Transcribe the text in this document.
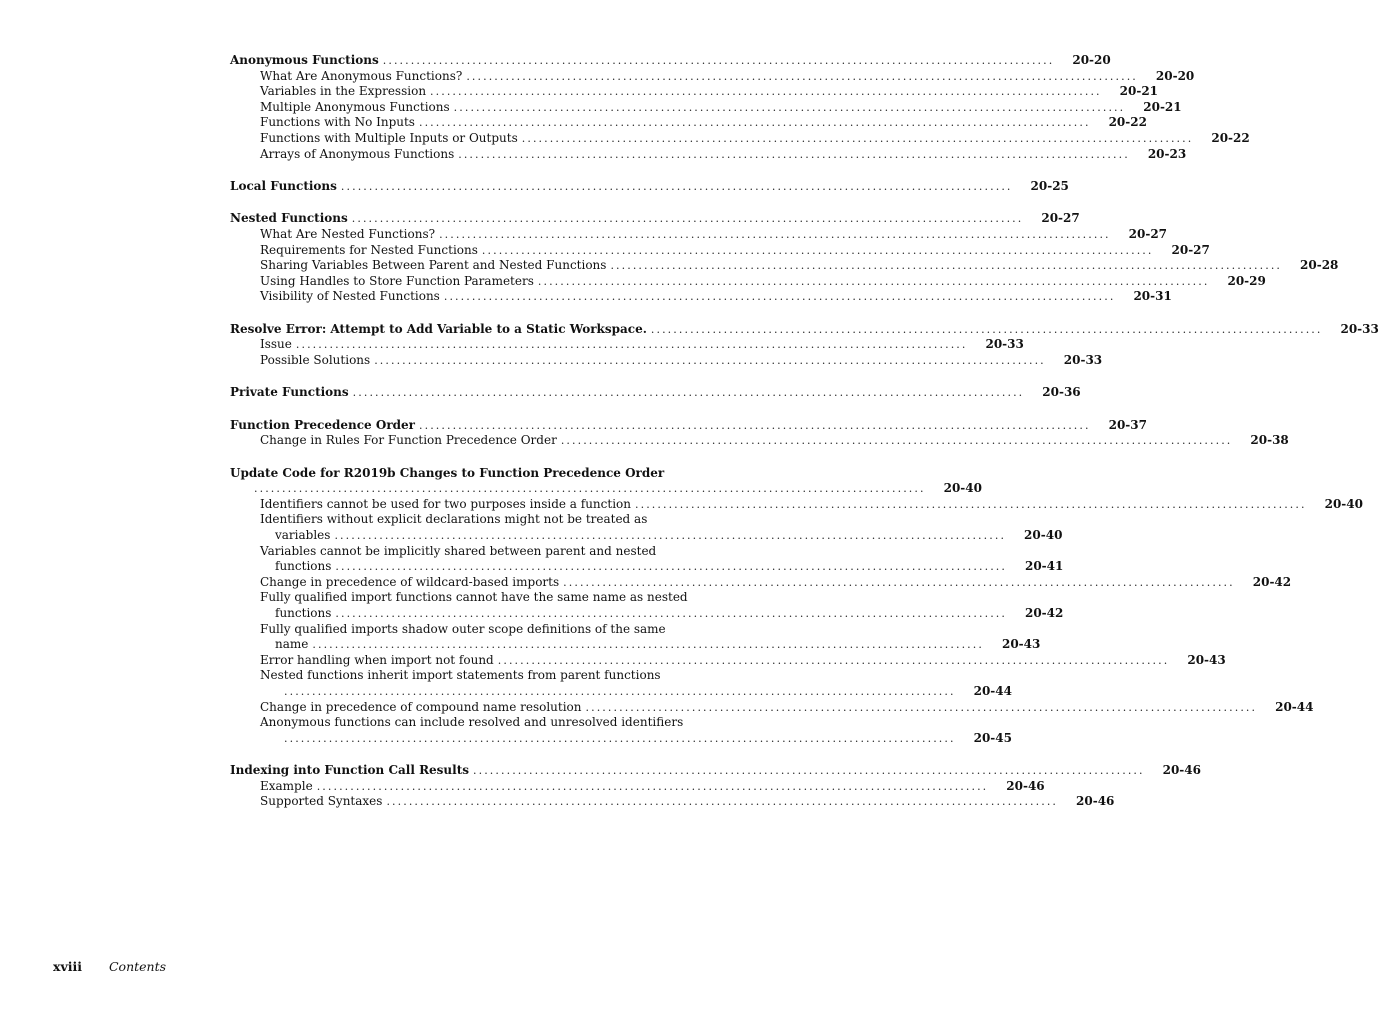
Anonymous Functions ........................................................................................................................ 20-20
What Are Anonymous Functions? ........................................................................................................................ 20-20
Variables in the Expression ........................................................................................................................ 20-21
Multiple Anonymous Functions ........................................................................................................................ 20-21
Functions with No Inputs ........................................................................................................................ 20-22
Functions with Multiple Inputs or Outputs ........................................................................................................................ 20-22
Arrays of Anonymous Functions ........................................................................................................................ 20-23
Local Functions ........................................................................................................................ 20-25
Nested Functions ........................................................................................................................ 20-27
What Are Nested Functions? ........................................................................................................................ 20-27
Requirements for Nested Functions ........................................................................................................................ 20-27
Sharing Variables Between Parent and Nested Functions ........................................................................................................................ 20-28
Using Handles to Store Function Parameters ........................................................................................................................ 20-29
Visibility of Nested Functions ........................................................................................................................ 20-31
Resolve Error: Attempt to Add Variable to a Static Workspace. ........................................................................................................................ 20-33
Issue ........................................................................................................................ 20-33
Possible Solutions ........................................................................................................................ 20-33
Private Functions ........................................................................................................................ 20-36
Function Precedence Order ........................................................................................................................ 20-37
Change in Rules For Function Precedence Order ........................................................................................................................ 20-38
Update Code for R2019b Changes to Function Precedence Order
........................................................................................................................ 20-40
Identifiers cannot be used for two purposes inside a function ........................................................................................................................ 20-40
Identifiers without explicit declarations might not be treated as
variables ........................................................................................................................ 20-40
Variables cannot be implicitly shared between parent and nested
functions ........................................................................................................................ 20-41
Change in precedence of wildcard-based imports ........................................................................................................................ 20-42
Fully qualified import functions cannot have the same name as nested
functions ........................................................................................................................ 20-42
Fully qualified imports shadow outer scope definitions of the same
name ........................................................................................................................ 20-43
Error handling when import not found ........................................................................................................................ 20-43
Nested functions inherit import statements from parent functions
........................................................................................................................ 20-44
Change in precedence of compound name resolution ........................................................................................................................ 20-44
Anonymous functions can include resolved and unresolved identifiers
........................................................................................................................ 20-45
Indexing into Function Call Results ........................................................................................................................ 20-46
Example ........................................................................................................................ 20-46
Supported Syntaxes ........................................................................................................................ 20-46
xviii Contents
